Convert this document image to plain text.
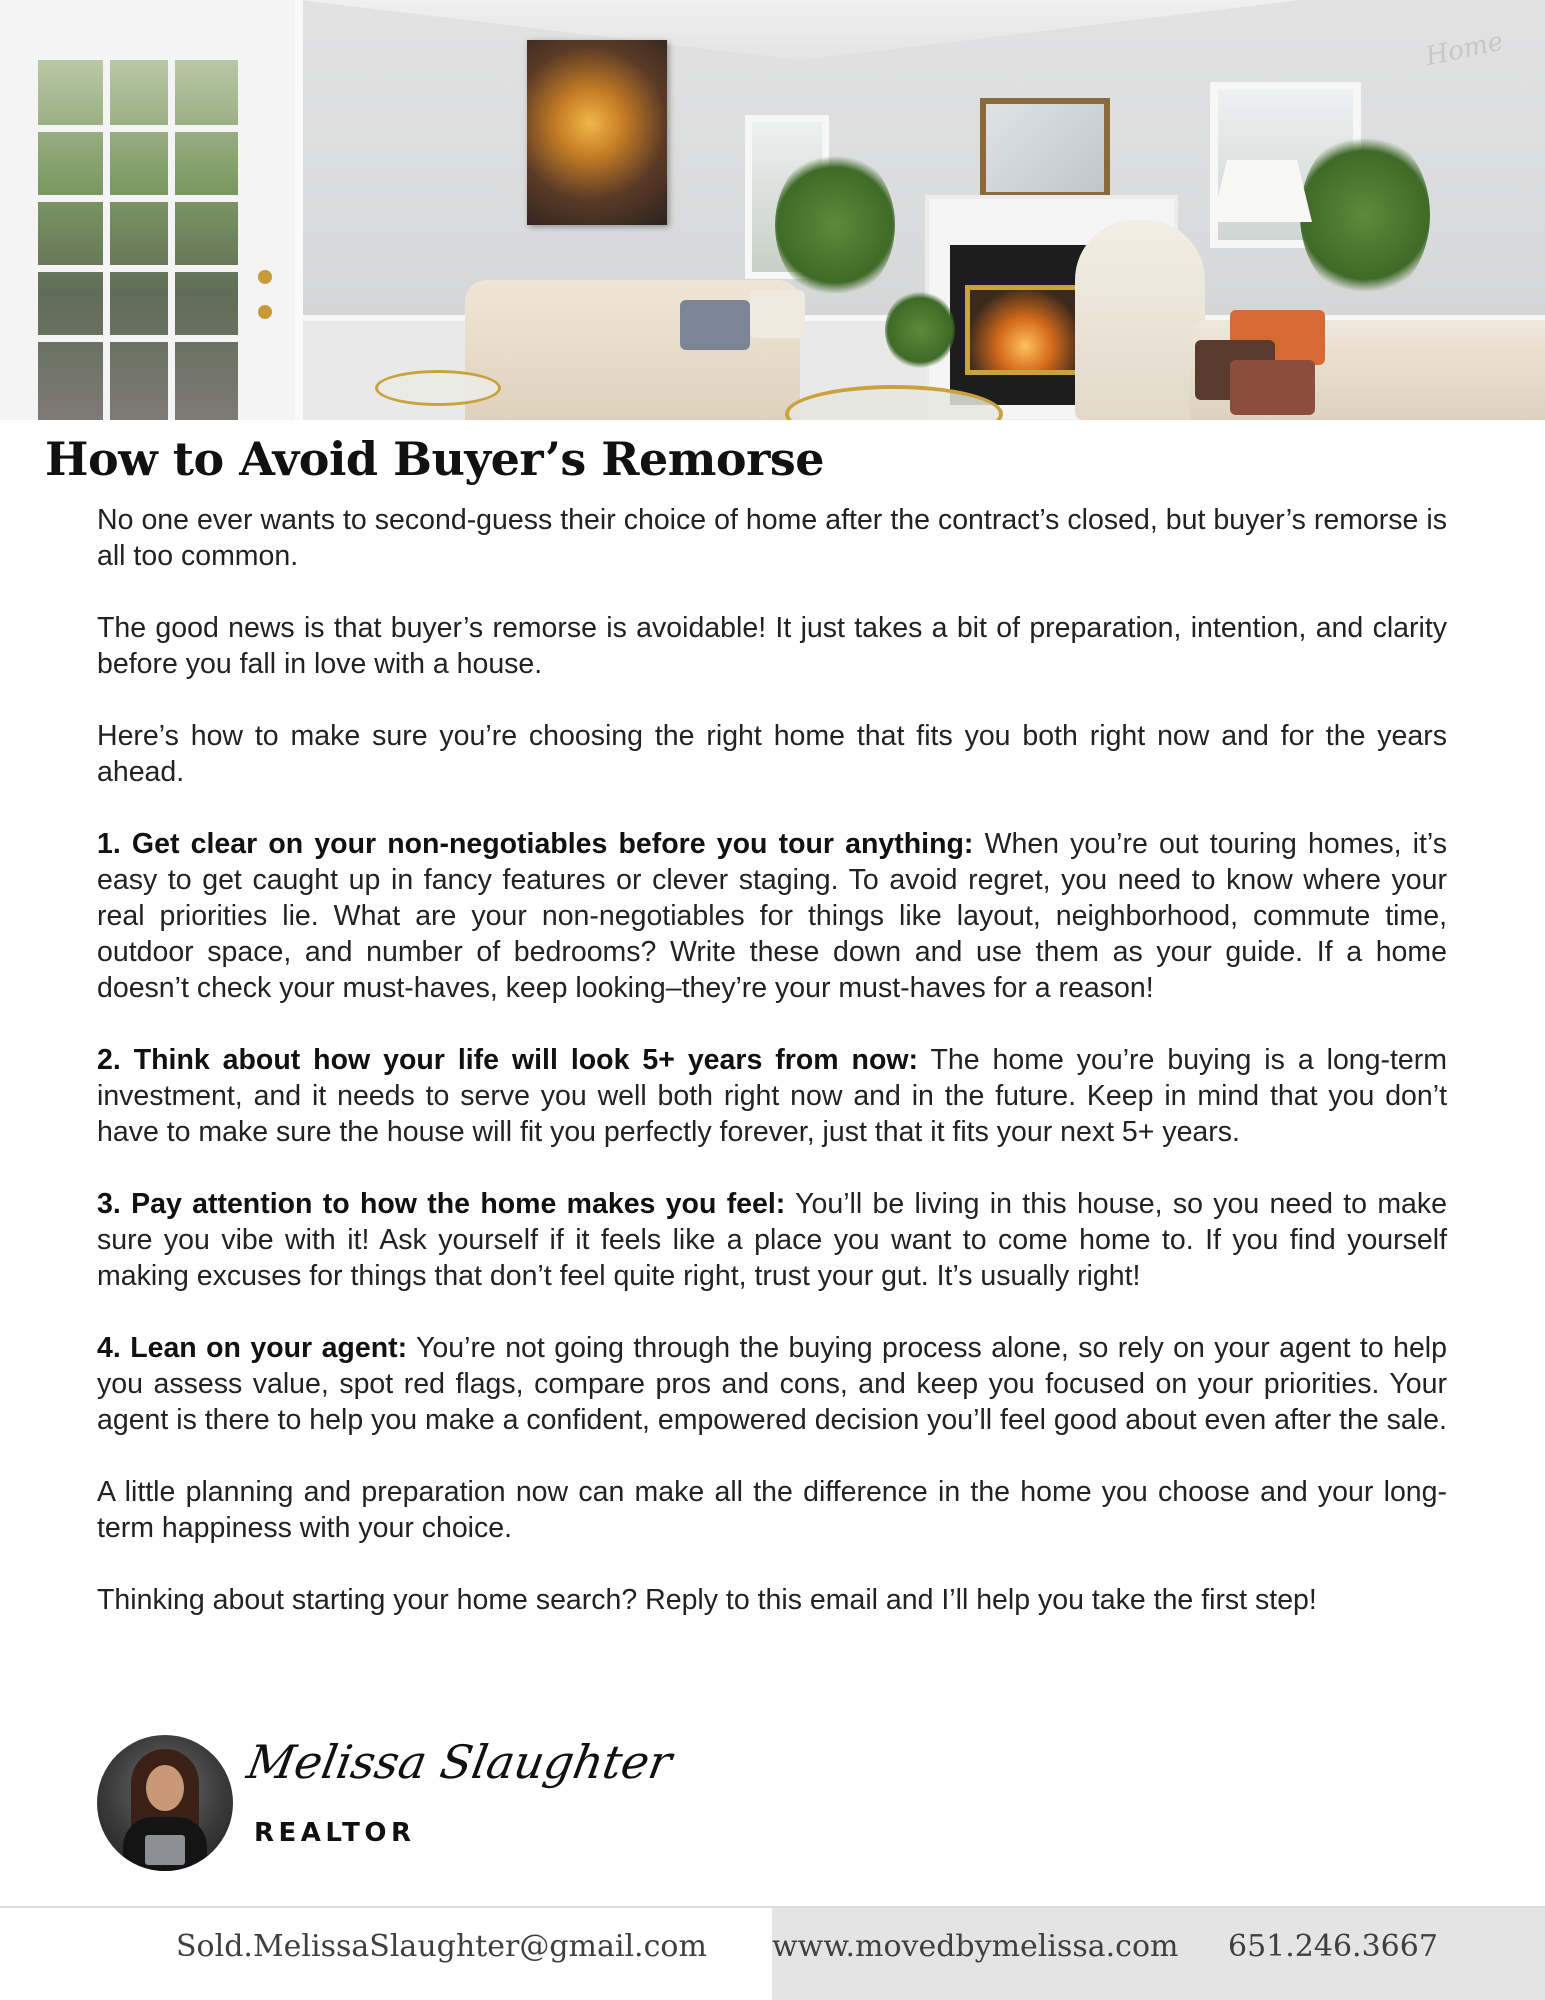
Home
How to Avoid Buyer’s Remorse

No one ever wants to second-guess their choice of home after the contract’s closed, but buyer’s remorse is all too common.

The good news is that buyer’s remorse is avoidable! It just takes a bit of preparation, intention, and clarity before you fall in love with a house.

Here’s how to make sure you’re choosing the right home that fits you both right now and for the years ahead.

1. Get clear on your non-negotiables before you tour anything: When you’re out touring homes, it’s easy to get caught up in fancy features or clever staging. To avoid regret, you need to know where your real priorities lie. What are your non-negotiables for things like layout, neighborhood, commute time, outdoor space, and number of bedrooms? Write these down and use them as your guide. If a home doesn’t check your must-haves, keep looking–they’re your must-haves for a reason!

2. Think about how your life will look 5+ years from now: The home you’re buying is a long-term investment, and it needs to serve you well both right now and in the future. Keep in mind that you don’t have to make sure the house will fit you perfectly forever, just that it fits your next 5+ years.

3. Pay attention to how the home makes you feel: You’ll be living in this house, so you need to make sure you vibe with it! Ask yourself if it feels like a place you want to come home to. If you find yourself making excuses for things that don’t feel quite right, trust your gut. It’s usually right!

4. Lean on your agent: You’re not going through the buying process alone, so rely on your agent to help you assess value, spot red flags, compare pros and cons, and keep you focused on your priorities. Your agent is there to help you make a confident, empowered decision you’ll feel good about even after the sale.

A little planning and preparation now can make all the difference in the home you choose and your long-term happiness with your choice.

Thinking about starting your home search? Reply to this email and I’ll help you take the first step!

Melissa Slaughter
REALTOR
Sold.MelissaSlaughter@gmail.com www.movedbymelissa.com 651.246.3667
